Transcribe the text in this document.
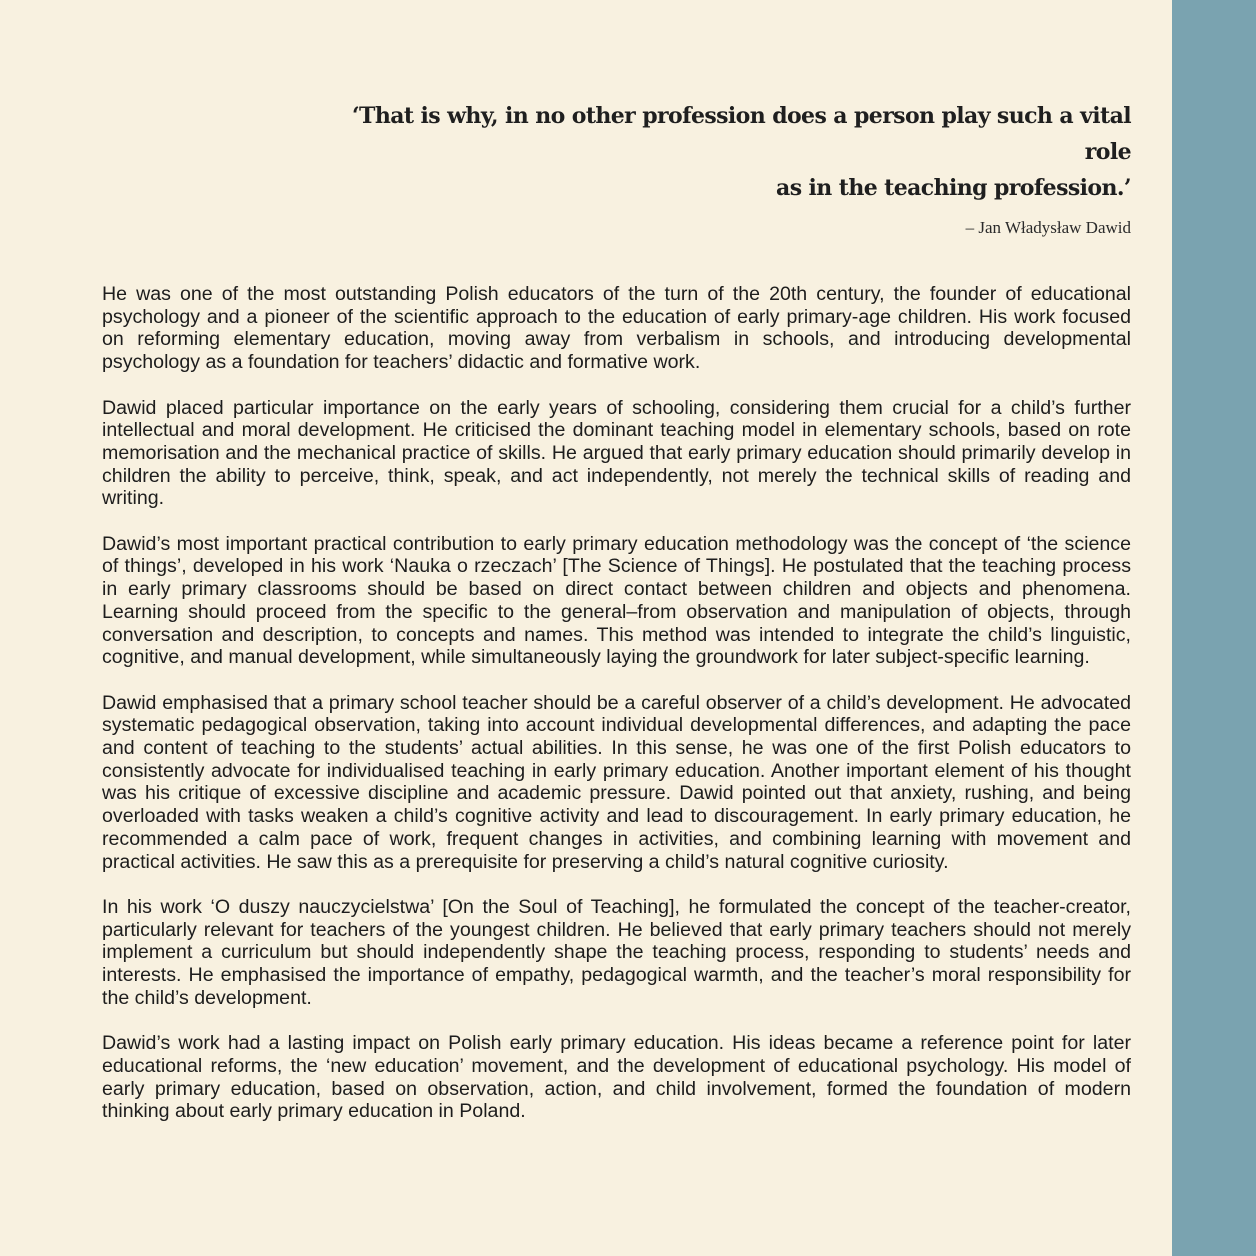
‘That is why, in no other profession does a person play such a vital role
as in the teaching profession.’
– Jan Władysław Dawid

He was one of the most outstanding Polish educators of the turn of the 20th century, the founder of educational psychology and a pioneer of the scientific approach to the education of early primary-age children. His work focused on reforming elementary education, moving away from verbalism in schools, and introducing developmental psychology as a foundation for teachers’ didactic and formative work.

Dawid placed particular importance on the early years of schooling, considering them crucial for a child’s further intellectual and moral development. He criticised the dominant teaching model in elementary schools, based on rote memorisation and the mechanical practice of skills. He argued that early primary education should primarily develop in children the ability to perceive, think, speak, and act independently, not merely the technical skills of reading and writing.

Dawid’s most important practical contribution to early primary education methodology was the concept of ‘the science of things’, developed in his work ‘Nauka o rzeczach’ [The Science of Things]. He postulated that the teaching process in early primary classrooms should be based on direct contact between children and objects and phenomena. Learning should proceed from the specific to the general–from observation and manipulation of objects, through conversation and description, to concepts and names. This method was intended to integrate the child’s linguistic, cognitive, and manual development, while simultaneously laying the groundwork for later subject-specific learning.

Dawid emphasised that a primary school teacher should be a careful observer of a child’s development. He advocated systematic pedagogical observation, taking into account individual developmental differences, and adapting the pace and content of teaching to the students’ actual abilities. In this sense, he was one of the first Polish educators to consistently advocate for individualised teaching in early primary education. Another important element of his thought was his critique of excessive discipline and academic pressure. Dawid pointed out that anxiety, rushing, and being overloaded with tasks weaken a child’s cognitive activity and lead to discouragement. In early primary education, he recommended a calm pace of work, frequent changes in activities, and combining learning with movement and practical activities. He saw this as a prerequisite for preserving a child’s natural cognitive curiosity.

In his work ‘O duszy nauczycielstwa’ [On the Soul of Teaching], he formulated the concept of the teacher-creator, particularly relevant for teachers of the youngest children. He believed that early primary teachers should not merely implement a curriculum but should independently shape the teaching process, responding to students’ needs and interests. He emphasised the importance of empathy, pedagogical warmth, and the teacher’s moral responsibility for the child’s development.

Dawid’s work had a lasting impact on Polish early primary education. His ideas became a reference point for later educational reforms, the ‘new education’ movement, and the development of educational psychology. His model of early primary education, based on observation, action, and child involvement, formed the foundation of modern thinking about early primary education in Poland.
